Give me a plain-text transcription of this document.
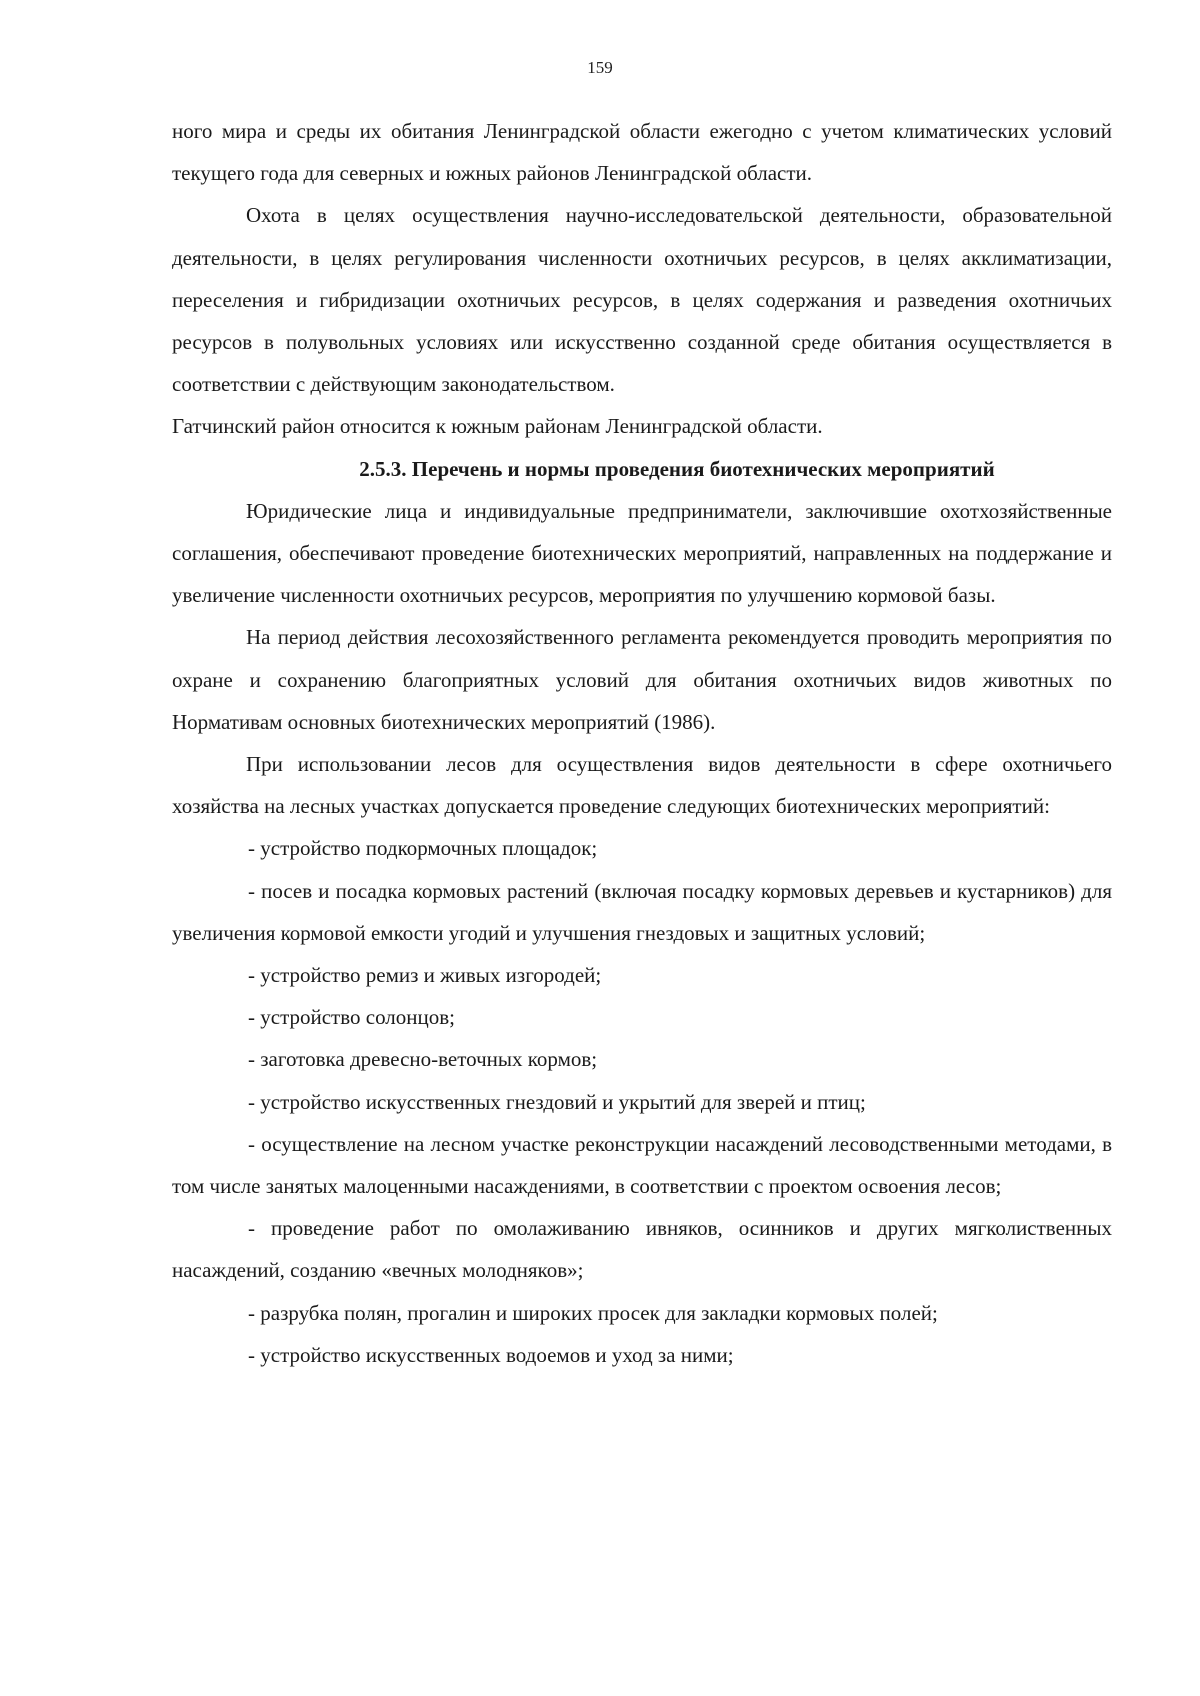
159

ного мира и среды их обитания Ленинградской области ежегодно с учетом климатических условий текущего года для северных и южных районов Ленинградской области.

Охота в целях осуществления научно-исследовательской деятельности, образовательной деятельности, в целях регулирования численности охотничьих ресурсов, в целях акклиматизации, переселения и гибридизации охотничьих ресурсов, в целях содержания и разведения охотничьих ресурсов в полувольных условиях или искусственно созданной среде обитания осуществляется в соответствии с действующим законодательством.

Гатчинский район относится к южным районам Ленинградской области.

2.5.3. Перечень и нормы проведения биотехнических мероприятий

Юридические лица и индивидуальные предприниматели, заключившие охотхозяйственные соглашения, обеспечивают проведение биотехнических мероприятий, направленных на поддержание и увеличение численности охотничьих ресурсов, мероприятия по улучшению кормовой базы.

На период действия лесохозяйственного регламента рекомендуется проводить мероприятия по охране и сохранению благоприятных условий для обитания охотничьих видов животных по Нормативам основных биотехнических мероприятий (1986).

При использовании лесов для осуществления видов деятельности в сфере охотничьего хозяйства на лесных участках допускается проведение следующих биотехнических мероприятий:

- устройство подкормочных площадок;

- посев и посадка кормовых растений (включая посадку кормовых деревьев и кустарников) для увеличения кормовой емкости угодий и улучшения гнездовых и защитных условий;

- устройство ремиз и живых изгородей;

- устройство солонцов;

- заготовка древесно-веточных кормов;

- устройство искусственных гнездовий и укрытий для зверей и птиц;

- осуществление на лесном участке реконструкции насаждений лесоводственными методами, в том числе занятых малоценными насаждениями, в соответствии с проектом освоения лесов;

- проведение работ по омолаживанию ивняков, осинников и других мягколиственных насаждений, созданию «вечных молодняков»;

- разрубка полян, прогалин и широких просек для закладки кормовых полей;

- устройство искусственных водоемов и уход за ними;
